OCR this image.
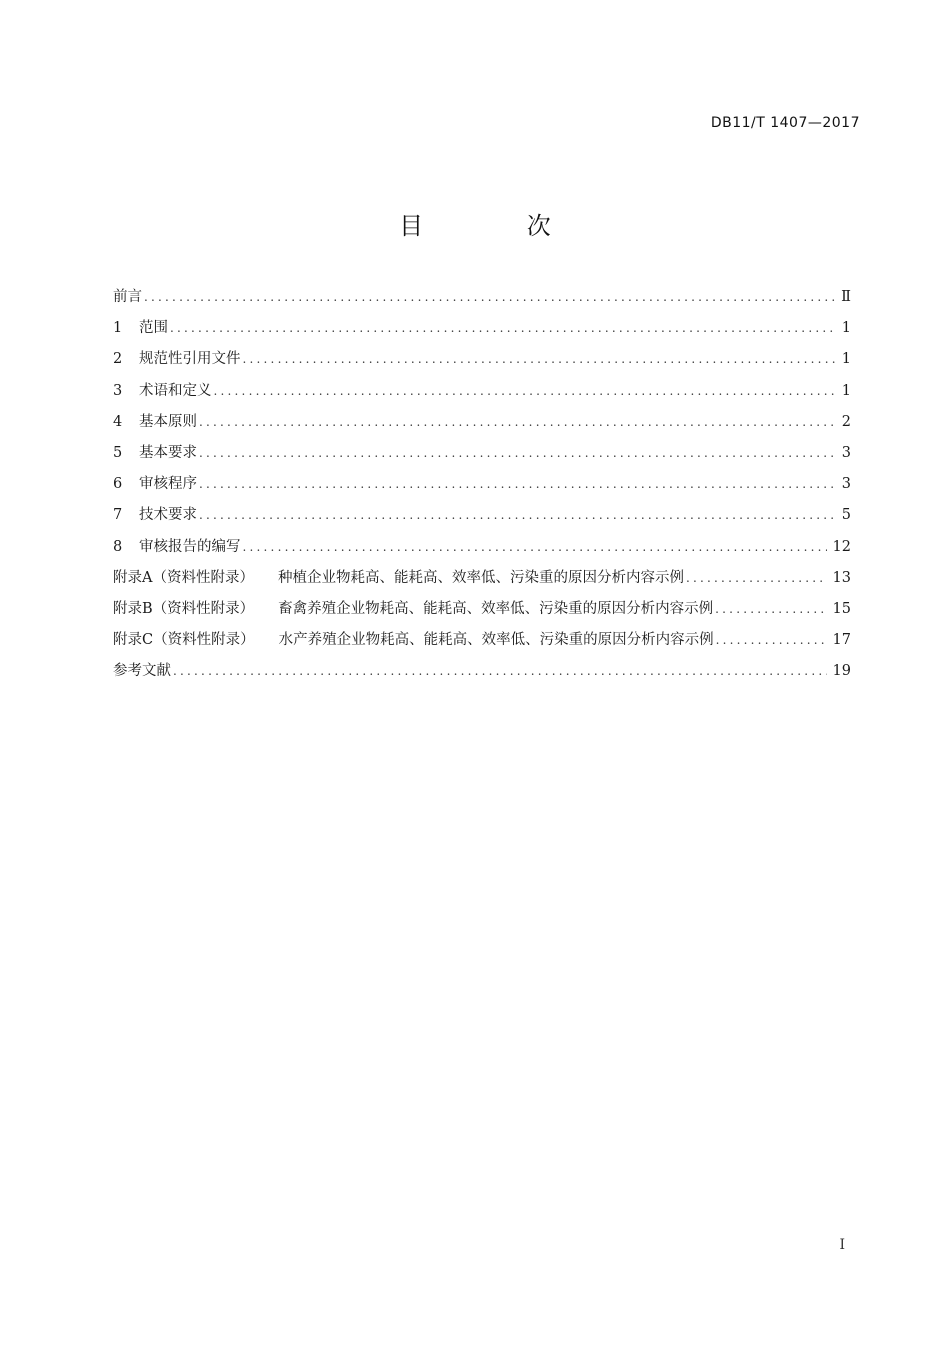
DB11/T 1407—2017
目 次
前言 .....	Ⅱ
1	范围 .....	1
2	规范性引用文件 .....	1
3	术语和定义 .....	1
4	基本原则 .....	2
5	基本要求 .....	3
6	审核程序 .....	3
7	技术要求 .....	5
8	审核报告的编写 .....	12
附录A（资料性附录） 种植企业物耗高、能耗高、效率低、污染重的原因分析内容示例 .....	13
附录B（资料性附录） 畜禽养殖企业物耗高、能耗高、效率低、污染重的原因分析内容示例 .....	15
附录C（资料性附录） 水产养殖企业物耗高、能耗高、效率低、污染重的原因分析内容示例 .....	17
参考文献 .....	19
I
